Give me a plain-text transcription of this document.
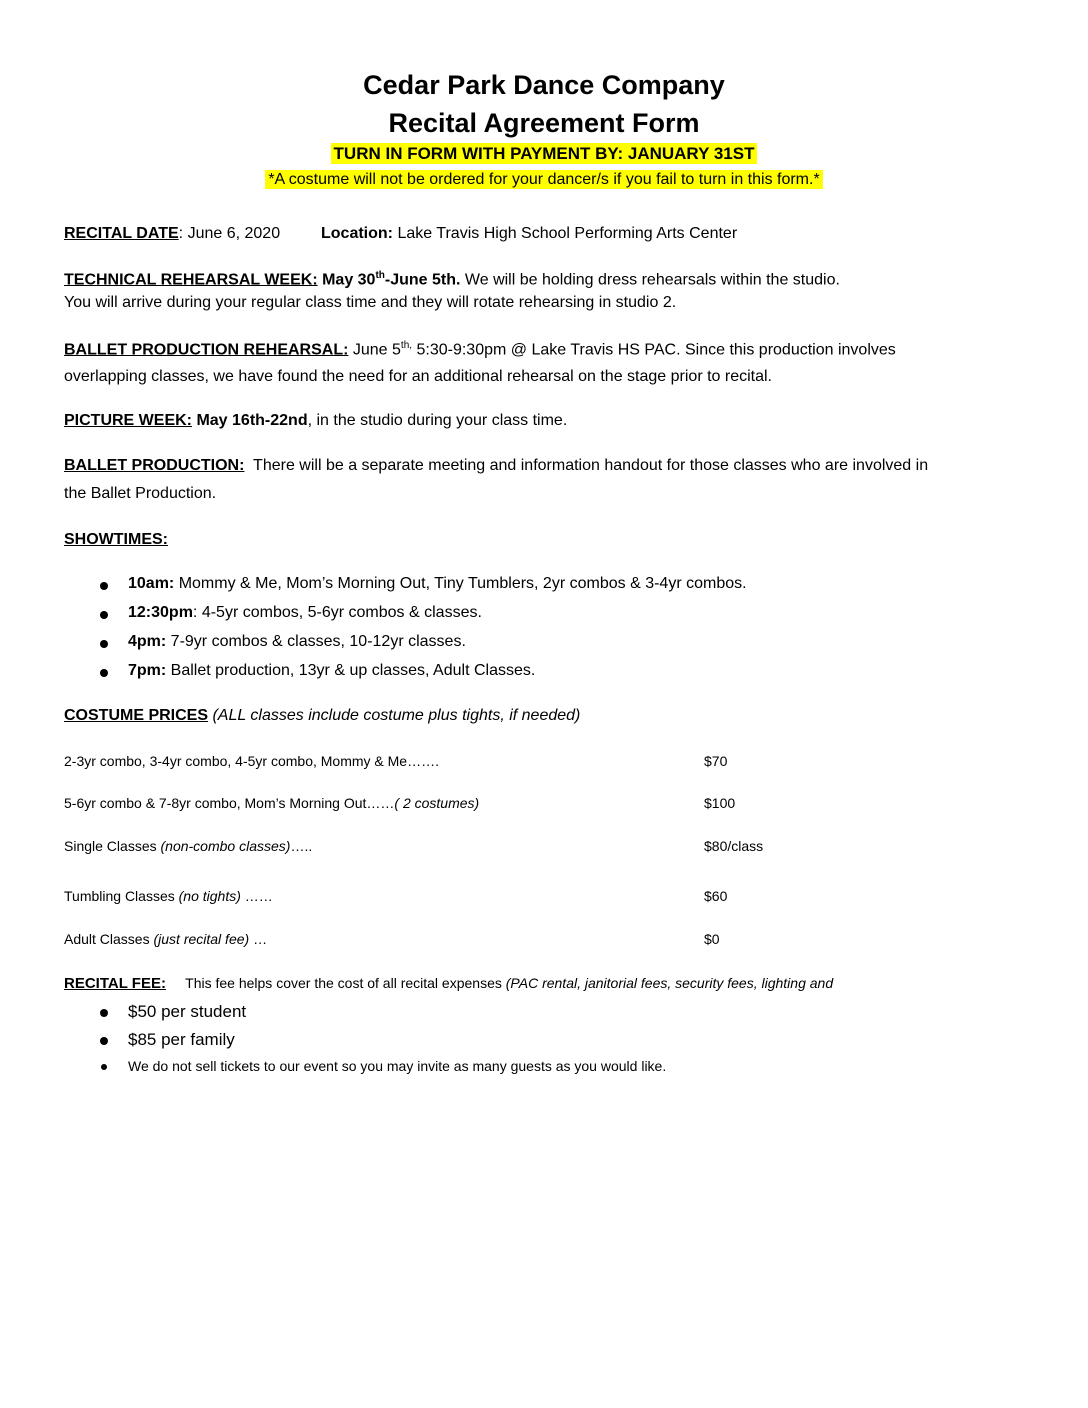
Cedar Park Dance Company
Recital Agreement Form
TURN IN FORM WITH PAYMENT BY: JANUARY 31ST
*A costume will not be ordered for your dancer/s if you fail to turn in this form.*
RECITAL DATE: June 6, 2020	Location: Lake Travis High School Performing Arts Center
TECHNICAL REHEARSAL WEEK: May 30th-June 5th. We will be holding dress rehearsals within the studio.
You will arrive during your regular class time and they will rotate rehearsing in studio 2.
BALLET PRODUCTION REHEARSAL: June $5^{th,}$ 5:30-9:30pm @ Lake Travis HS PAC. Since this production involves
overlapping classes, we have found the need for an additional rehearsal on the stage prior to recital.
PICTURE WEEK: May 16th-22nd, in the studio during your class time.
BALLET PRODUCTION:  There will be a separate meeting and information handout for those classes who are involved in
the Ballet Production.
SHOWTIMES:
10am: Mommy & Me, Mom’s Morning Out, Tiny Tumblers, 2yr combos & 3-4yr combos.
12:30pm: 4-5yr combos, 5-6yr combos & classes.
4pm: 7-9yr combos & classes, 10-12yr classes.
7pm: Ballet production, 13yr & up classes, Adult Classes.
COSTUME PRICES (ALL classes include costume plus tights, if needed)
2-3yr combo, 3-4yr combo, 4-5yr combo, Mommy & Me…….	$70
5-6yr combo & 7-8yr combo, Mom’s Morning Out……( 2 costumes)	$100
Single Classes (non-combo classes)…..	$80/class
Tumbling Classes (no tights) ……	$60
Adult Classes (just recital fee) …	$0
RECITAL FEE:     This fee helps cover the cost of all recital expenses (PAC rental, janitorial fees, security fees, lighting and
$50 per student
$85 per family
We do not sell tickets to our event so you may invite as many guests as you would like.
